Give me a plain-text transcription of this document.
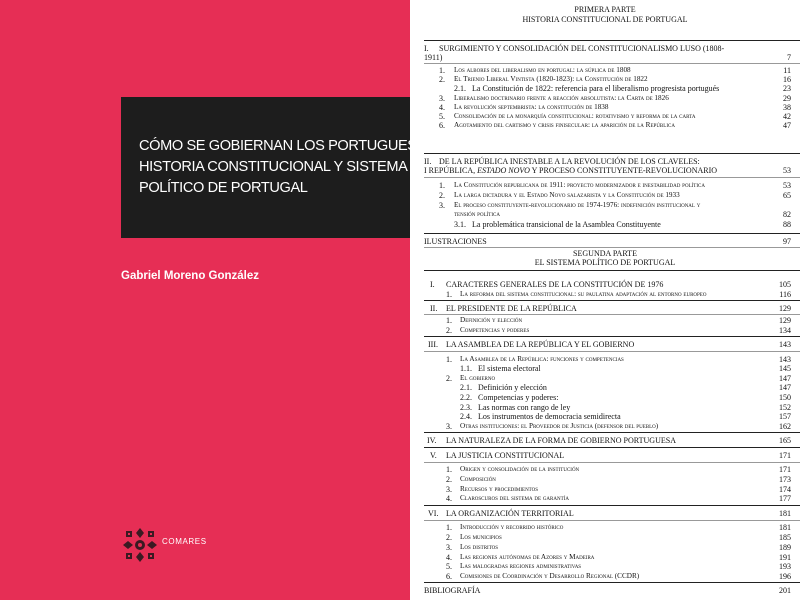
CÓMO SE GOBIERNAN LOS PORTUGUESES.
HISTORIA CONSTITUCIONAL Y SISTEMA
POLÍTICO DE PORTUGAL
Gabriel Moreno González
COMARES
PRIMERA PARTE
HISTORIA CONSTITUCIONAL DE PORTUGAL
I. SURGIMIENTO Y CONSOLIDACIÓN DEL CONSTITUCIONALISMO LUSO (1808-
1911)	7
1. Los albores del liberalismo en portugal: la súplica de 1808	11
2. El Trienio Liberal Vintista (1820-1823): la Constitución de 1822	16
2.1. La Constitución de 1822: referencia para el liberalismo progresista portugués	23
3. Liberalismo doctrinario frente a reacción absolutista: la Carta de 1826	29
4. La revolución septembrista: la constitución de 1838	38
5. Consolidación de la monarquía constitucional: rotativismo y reforma de la carta	42
6. Agotamiento del cartismo y crisis finisecular: la aparición de la República	47
II. DE LA REPÚBLICA INESTABLE A LA REVOLUCIÓN DE LOS CLAVELES:
I REPÚBLICA, ESTADO NOVO Y PROCESO CONSTITUYENTE-REVOLUCIONARIO	53
1. La Constitución republicana de 1911: proyecto modernizador e inestabilidad política	53
2. La larga dictadura y el Estado Novo salazarista y la Constitución de 1933	65
3. El proceso constituyente-revolucionario de 1974-1976: indefinición institucional y
tensión política	82
3.1. La problemática transicional de la Asamblea Constituyente	88
ILUSTRACIONES	97
SEGUNDA PARTE
EL SISTEMA POLÍTICO DE PORTUGAL
I. CARACTERES GENERALES DE LA CONSTITUCIÓN DE 1976	105
1. La reforma del sistema constitucional: su paulatina adaptación al entorno europeo	116
II. EL PRESIDENTE DE LA REPÚBLICA	129
1. Definición y elección	129
2. Competencias y poderes	134
III. LA ASAMBLEA DE LA REPÚBLICA Y EL GOBIERNO	143
1. La Asamblea de la República: funciones y competencias	143
1.1. El sistema electoral	145
2. El gobierno	147
2.1. Definición y elección	147
2.2. Competencias y poderes:	150
2.3. Las normas con rango de ley	152
2.4. Los instrumentos de democracia semidirecta	157
3. Otras instituciones: el Proveedor de Justicia (defensor del pueblo)	162
IV. LA NATURALEZA DE LA FORMA DE GOBIERNO PORTUGUESA	165
V. LA JUSTICIA CONSTITUCIONAL	171
1. Origen y consolidación de la institución	171
2. Composición	173
3. Recursos y procedimientos	174
4. Claroscuros del sistema de garantía	177
VI. LA ORGANIZACIÓN TERRITORIAL	181
1. Introducción y recorrido histórico	181
2. Los municipios	185
3. Los distritos	189
4. Las regiones autónomas de Azores y Madeira	191
5. Las malogradas regiones administrativas	193
6. Comisiones de Coordinación y Desarrollo Regional (CCDR)	196
BIBLIOGRAFÍA	201
